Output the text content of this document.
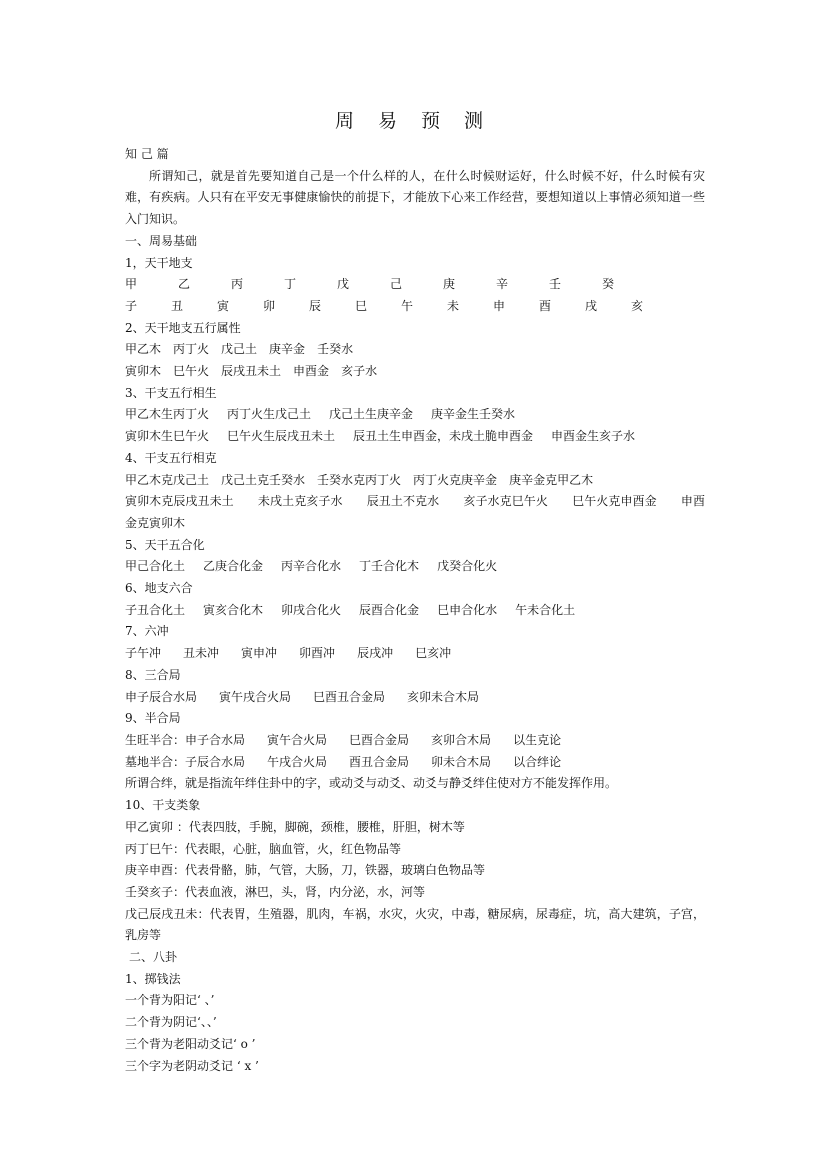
周 易 预 测
知 己 篇
所谓知己，就是首先要知道自己是一个什么样的人，在什么时候财运好，什么时候不好，什么时候有灾难，有疾病。人只有在平安无事健康愉快的前提下，才能放下心来工作经营，要想知道以上事情必须知道一些入门知识。
一、周易基础
1，天干地支
甲	乙	丙	丁	戊	己	庚	辛	壬	癸
子	丑	寅	卯	辰	巳	午	未	申	酉	戌	亥
2、天干地支五行属性
甲乙木 丙丁火 戊己土 庚辛金 壬癸水
寅卯木 巳午火 辰戌丑未土 申酉金 亥子水
3、干支五行相生
甲乙木生丙丁火 丙丁火生戊己土 戊己土生庚辛金 庚辛金生壬癸水
寅卯木生巳午火 巳午火生辰戌丑未土 辰丑土生申酉金，未戌土脆申酉金 申酉金生亥子水
4、干支五行相克
甲乙木克戊己土 戊己土克壬癸水 壬癸水克丙丁火 丙丁火克庚辛金 庚辛金克甲乙木
寅卯木克辰戌丑未土　　未戌土克亥子水　　辰丑土不克水　　亥子水克巳午火　　巳午火克申酉金　　申酉金克寅卯木
5、天干五合化
甲己合化土 乙庚合化金 丙辛合化水 丁壬合化木 戊癸合化火
6、地支六合
子丑合化土 寅亥合化木 卯戌合化火 辰酉合化金 巳申合化水 午未合化土
7、六冲
子午冲 丑未冲 寅申冲 卯酉冲 辰戌冲 巳亥冲
8、三合局
申子辰合水局 寅午戌合火局 巳酉丑合金局 亥卯未合木局
9、半合局
生旺半合：申子合水局 寅午合火局 巳酉合金局 亥卯合木局 以生克论
墓地半合：子辰合水局 午戌合火局 酉丑合金局 卯未合木局 以合绊论
所谓合绊，就是指流年绊住卦中的字，或动爻与动爻、动爻与静爻绊住使对方不能发挥作用。
10、干支类象
甲乙寅卯 ：代表四肢，手腕，脚碗，颈椎，腰椎，肝胆，树木等
丙丁巳午：代表眼，心脏，脑血管，火，红色物品等
庚辛申酉：代表骨骼，肺，气管，大肠，刀，铁器，玻璃白色物品等
壬癸亥子：代表血液，淋巴，头，肾，内分泌，水，河等
戊己辰戌丑未：代表胃，生殖器，肌肉，车祸，水灾，火灾，中毒，糖尿病，尿毒症，坑，高大建筑，子宫，乳房等
二、八卦
1、掷钱法
一个背为阳记‘ 、’
二个背为阴记‘、、’
三个背为老阳动爻记‘ o ’
三个字为老阴动爻记 ‘ x ’
